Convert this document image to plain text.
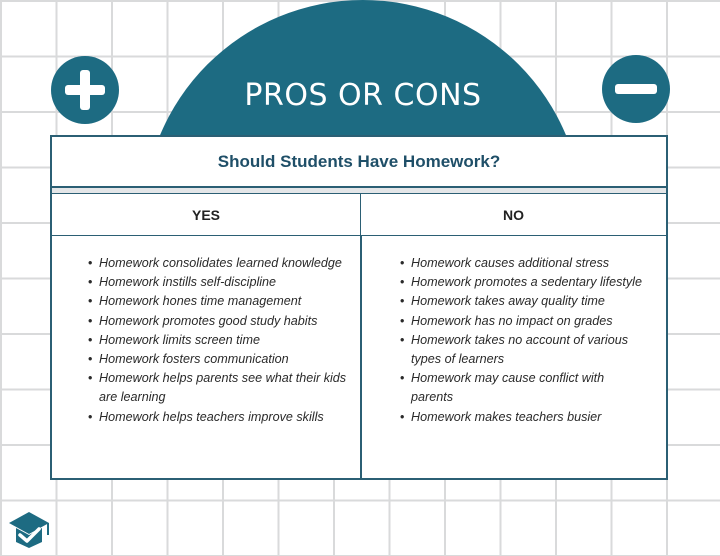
PROS OR CONS
Should Students Have Homework?
YES	NO
• Homework consolidates learned knowledge
• Homework instills self-discipline
• Homework hones time management
• Homework promotes good study habits
• Homework limits screen time
• Homework fosters communication
• Homework helps parents see what their kids are learning
• Homework helps teachers improve skills
• Homework causes additional stress
• Homework promotes a sedentary lifestyle
• Homework takes away quality time
• Homework has no impact on grades
• Homework takes no account of various types of learners
• Homework may cause conflict with parents
• Homework makes teachers busier
